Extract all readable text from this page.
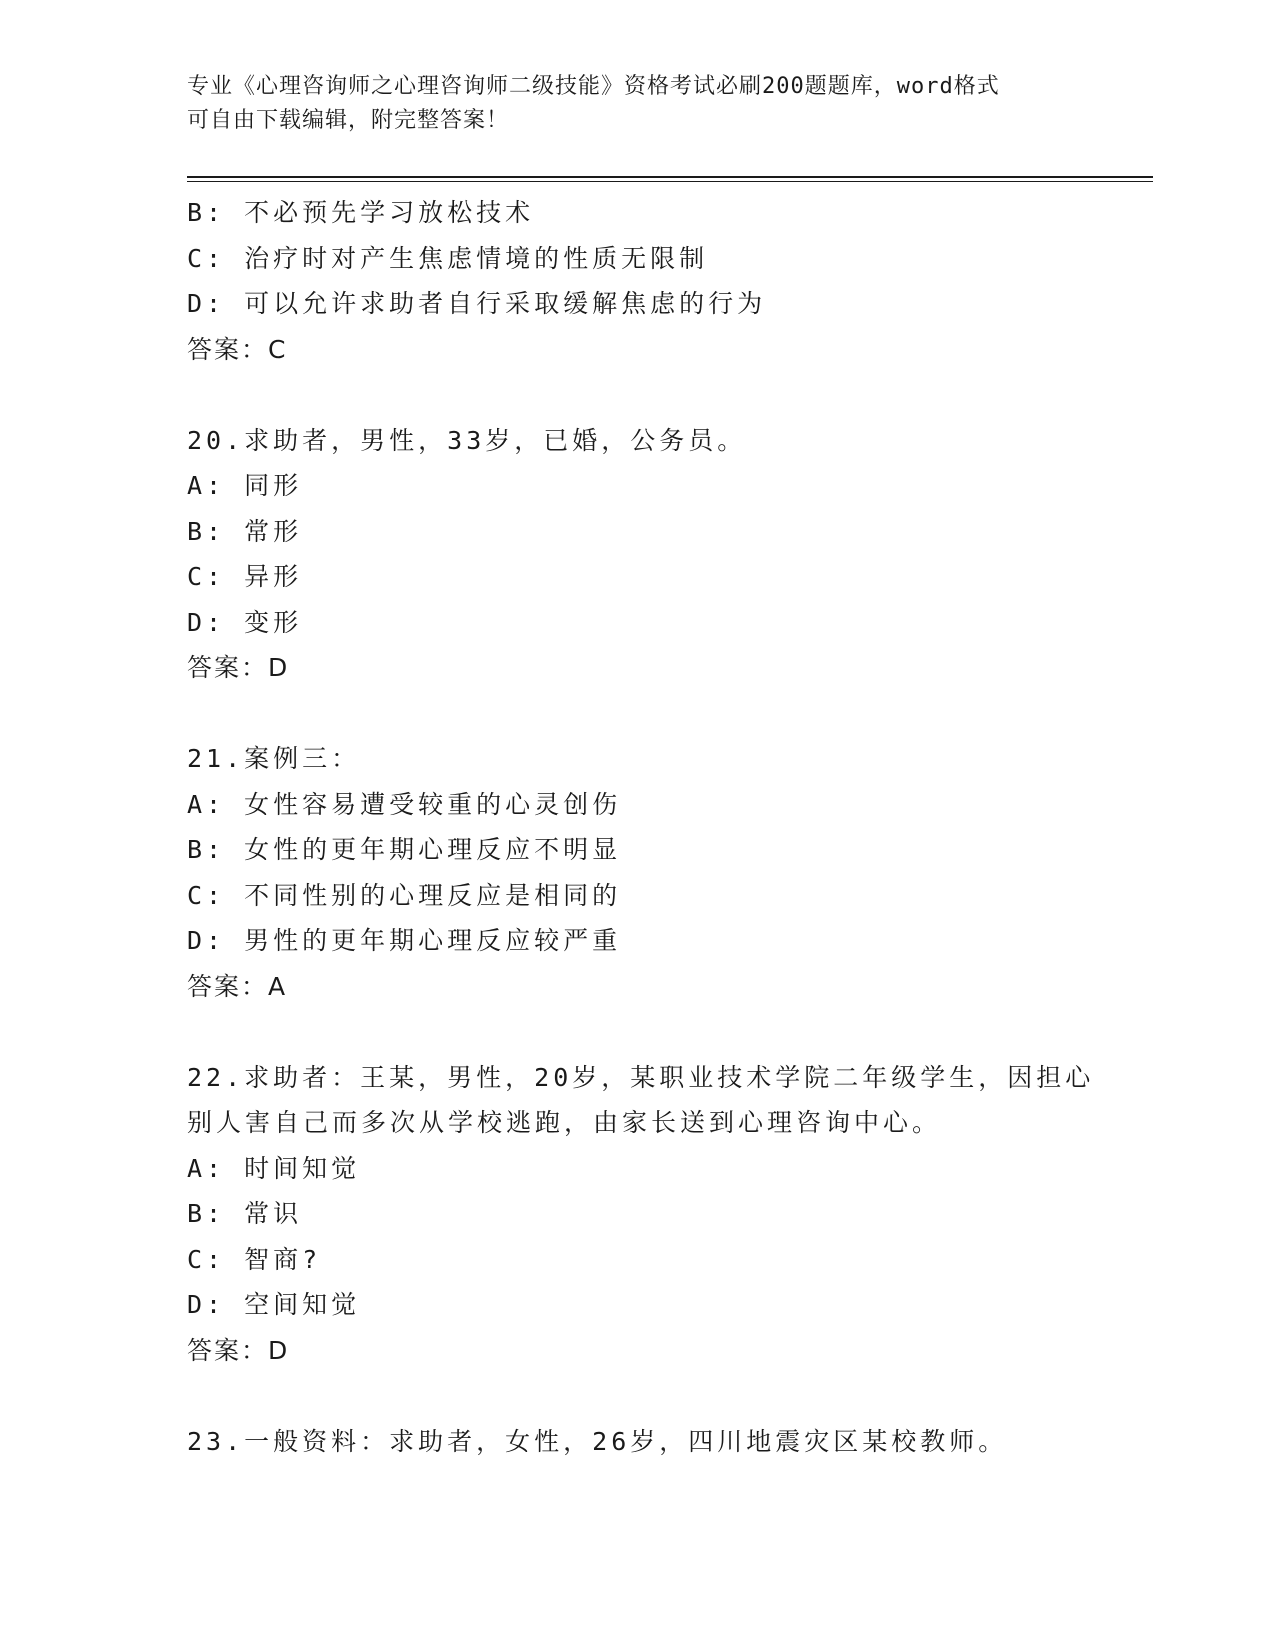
专业《心理咨询师之心理咨询师二级技能》资格考试必刷200题题库，word格式
可自由下载编辑，附完整答案！
B: 不必预先学习放松技术
C: 治疗时对产生焦虑情境的性质无限制
D: 可以允许求助者自行采取缓解焦虑的行为
答案：C
20.求助者，男性，33岁，已婚，公务员。
A: 同形
B: 常形
C: 异形
D: 变形
答案：D
21.案例三：
A: 女性容易遭受较重的心灵创伤
B: 女性的更年期心理反应不明显
C: 不同性别的心理反应是相同的
D: 男性的更年期心理反应较严重
答案：A
22.求助者：王某，男性，20岁，某职业技术学院二年级学生，因担心
别人害自己而多次从学校逃跑，由家长送到心理咨询中心。
A: 时间知觉
B: 常识
C: 智商?
D: 空间知觉
答案：D
23.一般资料：求助者，女性，26岁，四川地震灾区某校教师。
